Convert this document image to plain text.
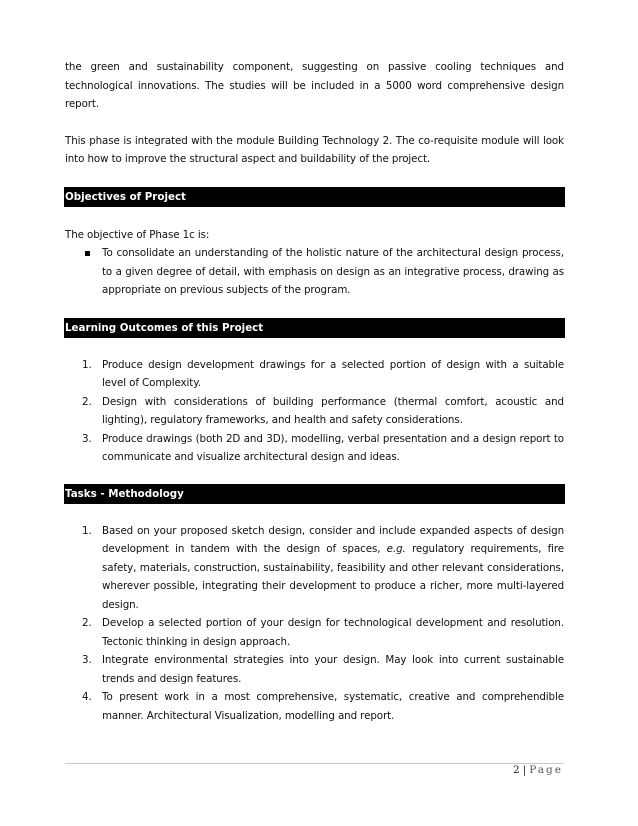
the green and sustainability component, suggesting on passive cooling techniques and technological innovations. The studies will be included in a 5000 word comprehensive design report.

This phase is integrated with the module Building Technology 2. The co-requisite module will look into how to improve the structural aspect and buildability of the project.

Objectives of Project

The objective of Phase 1c is:

To consolidate an understanding of the holistic nature of the architectural design process, to a given degree of detail, with emphasis on design as an integrative process, drawing as appropriate on previous subjects of the program.
Learning Outcomes of this Project
1. Produce design development drawings for a selected portion of design with a suitable level of Complexity.
2. Design with considerations of building performance (thermal comfort, acoustic and lighting), regulatory frameworks, and health and safety considerations.
3. Produce drawings (both 2D and 3D), modelling, verbal presentation and a design report to communicate and visualize architectural design and ideas.
Tasks - Methodology
1. Based on your proposed sketch design, consider and include expanded aspects of design development in tandem with the design of spaces, e.g. regulatory requirements, fire safety, materials, construction, sustainability, feasibility and other relevant considerations, wherever possible, integrating their development to produce a richer, more multi-layered design.
2. Develop a selected portion of your design for technological development and resolution. Tectonic thinking in design approach.
3. Integrate environmental strategies into your design. May look into current sustainable trends and design features.
4. To present work in a most comprehensive, systematic, creative and comprehendible manner. Architectural Visualization, modelling and report.
2 | Page
